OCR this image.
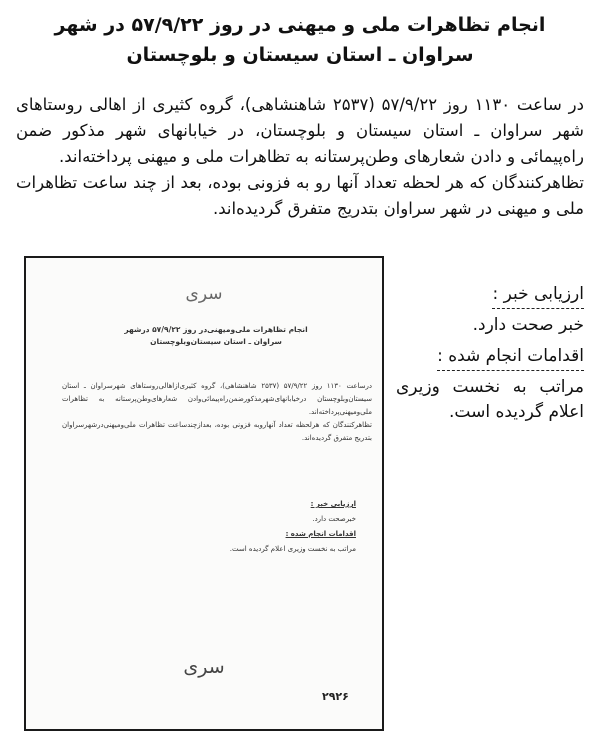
انجام تظاهرات ملی و میهنی در روز ۵۷/۹/۲۲ در شهر
سراوان ـ استان سیستان و بلوچستان

در ساعت ۱۱۳۰ روز ۵۷/۹/۲۲ (۲۵۳۷ شاهنشاهی)، گروه کثیری از اهالی روستاهای شهر سراوان ـ استان سیستان و بلوچستان، در خیابانهای شهر مذکور ضمن راه‌پیمائی و دادن شعارهای وطن‌پرستانه به تظاهرات ملی و میهنی پرداخته‌اند.

تظاهرکنندگان که هر لحظه تعداد آنها رو به فزونی بوده، بعد از چند ساعت تظاهرات ملی و میهنی در شهر سراوان بتدریج متفرق گردیده‌اند.

سری
انجام تظاهرات ملی‌ومیهنی‌در روز ۵۷/۹/۲۲ درشهر
سراوان ـ استان سیستان‌وبلوچستان

درساعت ۱۱۳۰ روز ۵۷/۹/۲۲ (۲۵۳۷ شاهنشاهی)، گروه کثیری‌ازاهالی‌روستاهای شهرسراوان ـ استان سیستان‌وبلوچستان درخیابانهای‌شهرمذکورضمن‌راه‌پیمائی‌وادن شعارهای‌وطن‌پرستانه به تظاهرات ملی‌ومیهنی‌پرداخته‌اند.

تظاهرکنندگان که هرلحظه تعداد آنهاروبه فزونی بوده، بعدازچندساعت تظاهرات ملی‌ومیهنی‌درشهرسراوان بتدریج متفرق گردیده‌اند.

ارزیابی خبر :
خبرصحت دارد.
اقدامات انجام شده :
مراتب به نخست وزیری اعلام گردیده است.
سری
۲۹۲۶
ارزیابی خبر :
خبر صحت دارد.
اقدامات انجام شده :
مراتب به نخست وزیری اعلام گردیده است.
